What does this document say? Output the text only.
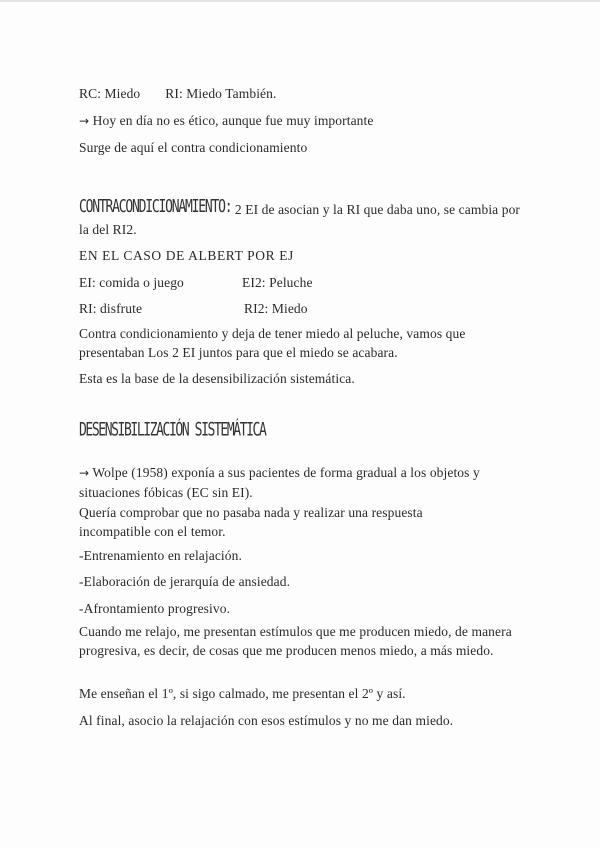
RC: Miedo RI: Miedo También.
→ Hoy en día no es ético, aunque fue muy importante
Surge de aquí el contra condicionamiento
CONTRACONDICIONAMIENTO: 2 EI de asocian y la RI que daba uno, se cambia por la del RI2.
EN EL CASO DE ALBERT POR EJ
EI: comida o juego	EI2: Peluche
RI: disfrute	RI2: Miedo
Contra condicionamiento y deja de tener miedo al peluche, vamos que presentaban Los 2 EI juntos para que el miedo se acabara.
Esta es la base de la desensibilización sistemática.
DESENSIBILIZACIÓN SISTEMÁTICA
→ Wolpe (1958) exponía a sus pacientes de forma gradual a los objetos y situaciones fóbicas (EC sin EI).
Quería comprobar que no pasaba nada y realizar una respuesta incompatible con el temor.
-Entrenamiento en relajación.
-Elaboración de jerarquía de ansiedad.
-Afrontamiento progresivo.
Cuando me relajo, me presentan estímulos que me producen miedo, de manera progresiva, es decir, de cosas que me producen menos miedo, a más miedo.
Me enseñan el 1º, si sigo calmado, me presentan el 2º y así.
Al final, asocio la relajación con esos estímulos y no me dan miedo.
